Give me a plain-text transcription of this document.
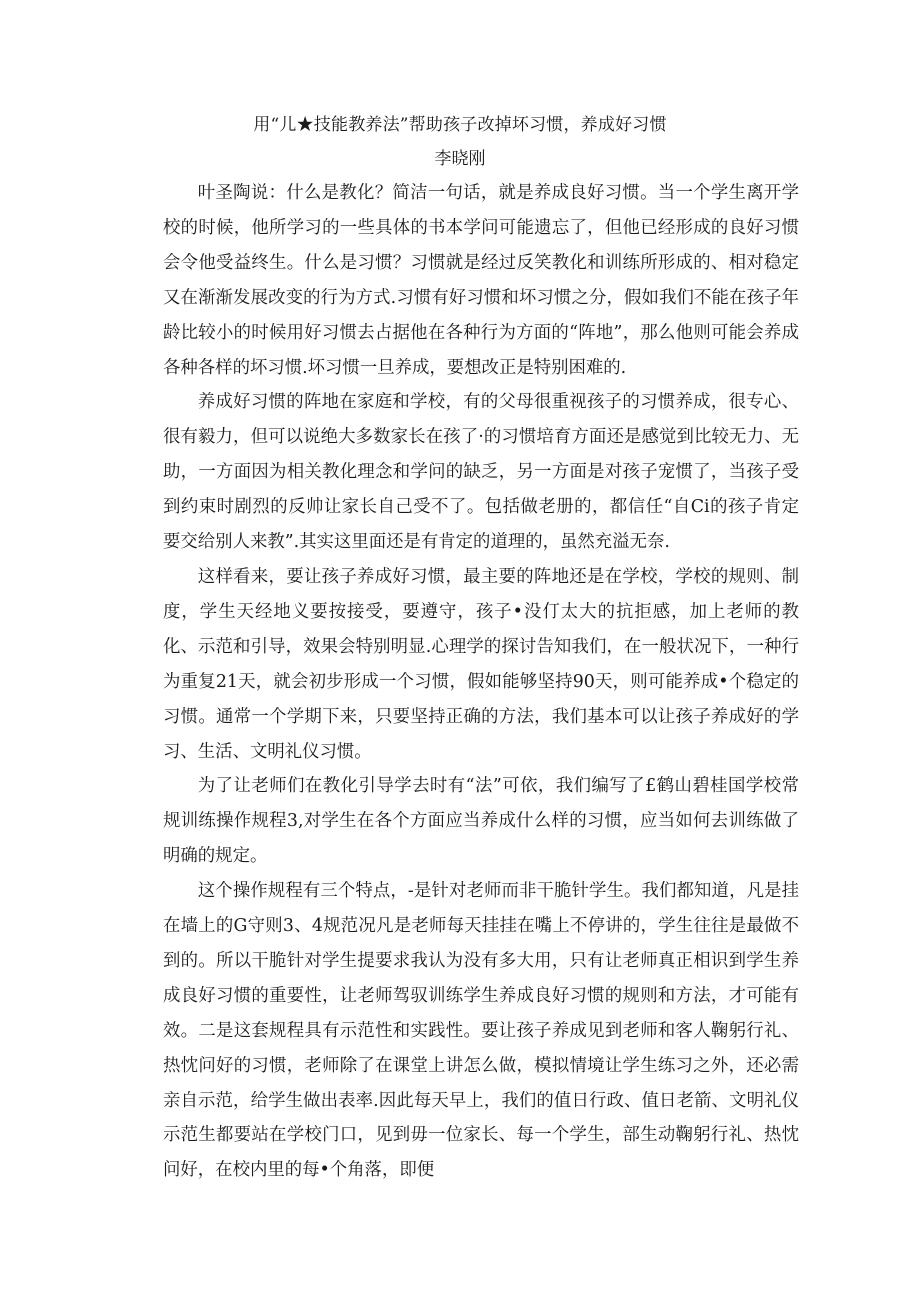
用“儿★技能教养法”帮助孩子改掉坏习惯，养成好习惯
李晓刚

叶圣陶说：什么是教化？简洁一句话，就是养成良好习惯。当一个学生离开学校的时候，他所学习的一些具体的书本学问可能遗忘了，但他已经形成的良好习惯会令他受益终生。什么是习惯？习惯就是经过反笑教化和训练所形成的、相对稳定又在渐渐发展改变的行为方式.习惯有好习惯和坏习惯之分，假如我们不能在孩子年龄比较小的时候用好习惯去占据他在各种行为方面的“阵地”，那么他则可能会养成各种各样的坏习惯.坏习惯一旦养成，要想改正是特别困难的.

养成好习惯的阵地在家庭和学校，有的父母很重视孩子的习惯养成，很专心、很有毅力，但可以说绝大多数家长在孩了·的习惯培育方面还是感觉到比较无力、无助，一方面因为相关教化理念和学问的缺乏，另一方面是对孩子宠惯了，当孩子受到约束时剧烈的反帅让家长自己受不了。包括做老册的，都信任“自Ci的孩子肯定要交给别人来教”.其实这里面还是有肯定的道理的，虽然充溢无奈.

这样看来，要让孩子养成好习惯，最主要的阵地还是在学校，学校的规则、制度，学生天经地义要按接受，要遵守，孩子•没仃太大的抗拒感，加上老师的教化、示范和引导，效果会特别明显.心理学的探讨告知我们，在一般状况下，一种行为重复21天，就会初步形成一个习惯，假如能够坚持90天，则可能养成•个稳定的习惯。通常一个学期下来，只要坚持正确的方法，我们基本可以让孩子养成好的学习、生活、文明礼仪习惯。

为了让老师们在教化引导学去时有“法”可依，我们编写了£鹤山碧桂国学校常规训练操作规程3,对学生在各个方面应当养成什么样的习惯，应当如何去训练做了明确的规定。

这个操作规程有三个特点，-是针对老师而非干脆针学生。我们都知道，凡是挂在墙上的G守则3、4规范况凡是老师每天挂挂在嘴上不停讲的，学生往往是最做不到的。所以干脆针对学生提要求我认为没有多大用，只有让老师真正相识到学生养成良好习惯的重要性，让老师驾驭训练学生养成良好习惯的规则和方法，才可能有效。二是这套规程具有示范性和实践性。要让孩子养成见到老师和客人鞠躬行礼、热忱问好的习惯，老师除了在课堂上讲怎么做，模拟情境让学生练习之外，还必需亲自示范，给学生做出表率.因此每天早上，我们的值日行政、值日老箭、文明礼仪示范生都要站在学校门口，见到毋一位家长、每一个学生，部生动鞠躬行礼、热忱问好，在校内里的每•个角落，即便
